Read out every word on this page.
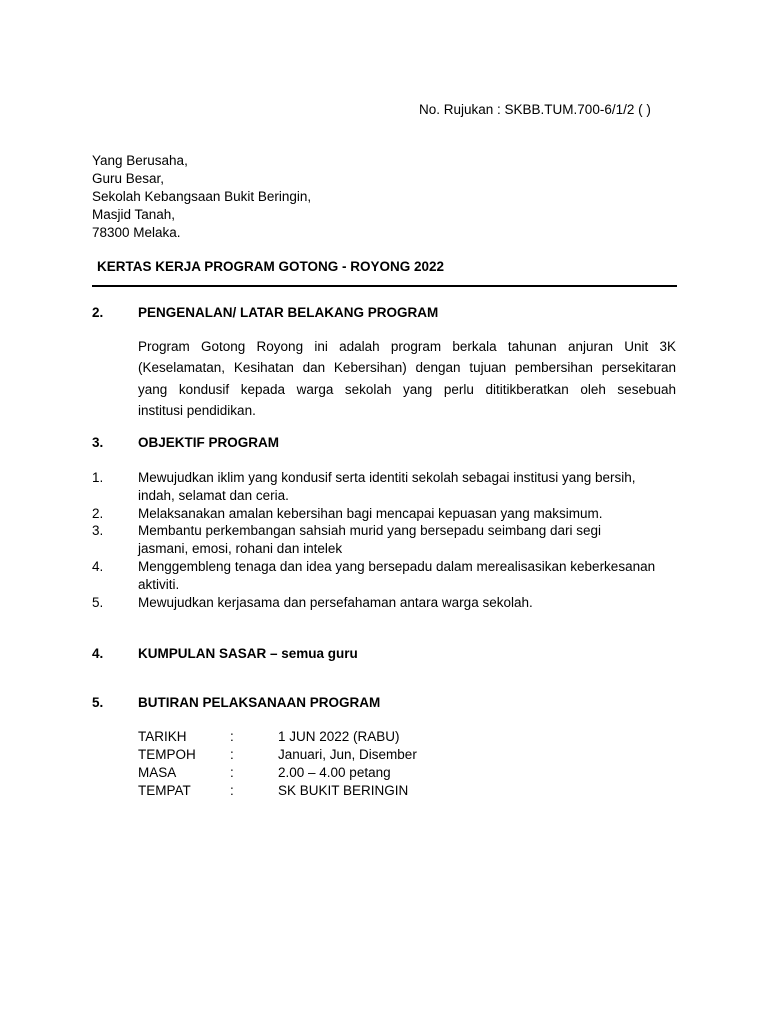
No. Rujukan : SKBB.TUM.700-6/1/2 ( )
Yang Berusaha,
Guru Besar,
Sekolah Kebangsaan Bukit Beringin,
Masjid Tanah,
78300 Melaka.
KERTAS KERJA PROGRAM GOTONG - ROYONG 2022
2.	PENGENALAN/ LATAR BELAKANG PROGRAM
Program Gotong Royong ini adalah program berkala tahunan anjuran Unit 3K
(Keselamatan, Kesihatan dan Kebersihan) dengan tujuan pembersihan persekitaran
yang kondusif kepada warga sekolah yang perlu dititikberatkan oleh sesebuah
institusi pendidikan.
3.	OBJEKTIF PROGRAM
1.	Mewujudkan iklim yang kondusif serta identiti sekolah sebagai institusi yang bersih,
indah, selamat dan ceria.
2.	Melaksanakan amalan kebersihan bagi mencapai kepuasan yang maksimum.
3.	Membantu perkembangan sahsiah murid yang bersepadu seimbang dari segi
jasmani, emosi, rohani dan intelek
4.	Menggembleng tenaga dan idea yang bersepadu dalam merealisasikan keberkesanan
aktiviti.
5.	Mewujudkan kerjasama dan persefahaman antara warga sekolah.
4.	KUMPULAN SASAR – semua guru
5.	BUTIRAN PELAKSANAAN PROGRAM
TARIKH	:	1 JUN 2022 (RABU)
TEMPOH	:	Januari, Jun, Disember
MASA	:	2.00 – 4.00 petang
TEMPAT	:	SK BUKIT BERINGIN
